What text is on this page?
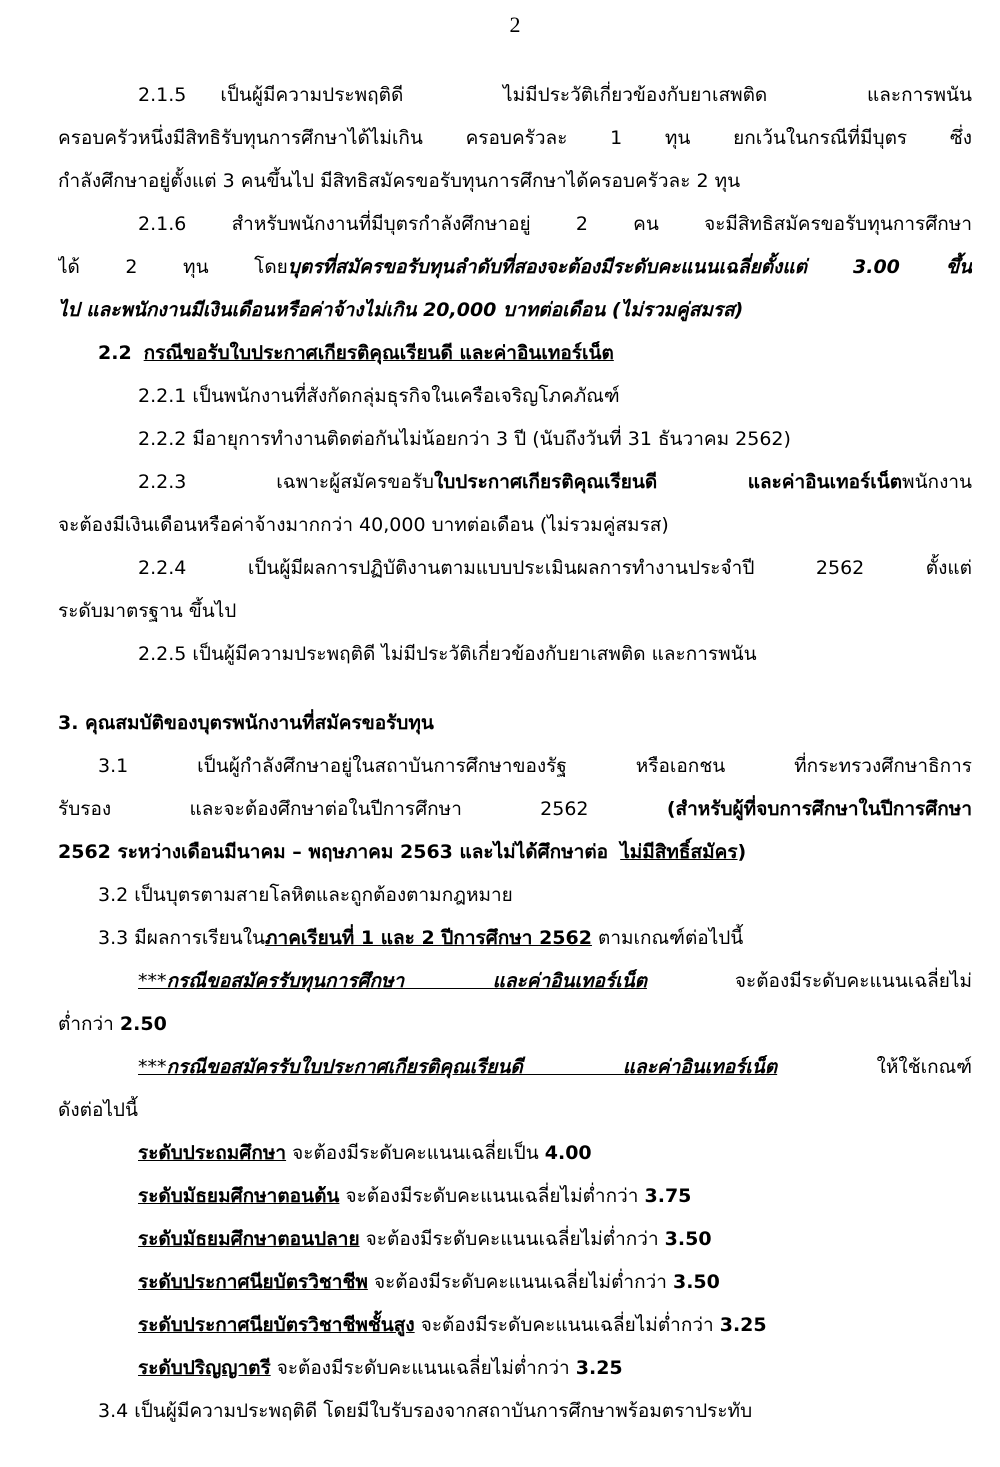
2
2.1.5 เป็นผู้มีความประพฤติดี ไม่มีประวัติเกี่ยวข้องกับยาเสพติด และการพนัน
ครอบครัวหนึ่งมีสิทธิรับทุนการศึกษาได้ไม่เกิน ครอบครัวละ 1 ทุน ยกเว้นในกรณีที่มีบุตร ซึ่ง
กำลังศึกษาอยู่ตั้งแต่ 3 คนขึ้นไป มีสิทธิสมัครขอรับทุนการศึกษาได้ครอบครัวละ 2 ทุน
2.1.6 สำหรับพนักงานที่มีบุตรกำลังศึกษาอยู่ 2 คน จะมีสิทธิสมัครขอรับทุนการศึกษา
ได้ 2 ทุน โดยบุตรที่สมัครขอรับทุนลำดับที่สองจะต้องมีระดับคะแนนเฉลี่ยตั้งแต่ 3.00 ขึ้น
ไป และพนักงานมีเงินเดือนหรือค่าจ้างไม่เกิน 20,000 บาทต่อเดือน (ไม่รวมคู่สมรส)
2.2 กรณีขอรับใบประกาศเกียรติคุณเรียนดี และค่าอินเทอร์เน็ต
2.2.1 เป็นพนักงานที่สังกัดกลุ่มธุรกิจในเครือเจริญโภคภัณฑ์
2.2.2 มีอายุการทำงานติดต่อกันไม่น้อยกว่า 3 ปี (นับถึงวันที่ 31 ธันวาคม 2562)
2.2.3 เฉพาะผู้สมัครขอรับใบประกาศเกียรติคุณเรียนดี และค่าอินเทอร์เน็ตพนักงาน
จะต้องมีเงินเดือนหรือค่าจ้างมากกว่า 40,000 บาทต่อเดือน (ไม่รวมคู่สมรส)
2.2.4 เป็นผู้มีผลการปฏิบัติงานตามแบบประเมินผลการทำงานประจำปี 2562 ตั้งแต่
ระดับมาตรฐาน ขึ้นไป
2.2.5 เป็นผู้มีความประพฤติดี ไม่มีประวัติเกี่ยวข้องกับยาเสพติด และการพนัน
3. คุณสมบัติของบุตรพนักงานที่สมัครขอรับทุน
3.1 เป็นผู้กำลังศึกษาอยู่ในสถาบันการศึกษาของรัฐ หรือเอกชน ที่กระทรวงศึกษาธิการ
รับรอง และจะต้องศึกษาต่อในปีการศึกษา 2562	(สำหรับผู้ที่จบการศึกษาในปีการศึกษา
2562 ระหว่างเดือนมีนาคม – พฤษภาคม 2563 และไม่ได้ศึกษาต่อ ไม่มีสิทธิ์สมัคร)
3.2 เป็นบุตรตามสายโลหิตและถูกต้องตามกฎหมาย
3.3 มีผลการเรียนในภาคเรียนที่ 1 และ 2 ปีการศึกษา 2562 ตามเกณฑ์ต่อไปนี้
***กรณีขอสมัครรับทุนการศึกษา และค่าอินเทอร์เน็ต	จะต้องมีระดับคะแนนเฉลี่ยไม่
ต่ำกว่า 2.50
***กรณีขอสมัครรับใบประกาศเกียรติคุณเรียนดี และค่าอินเทอร์เน็ต	ให้ใช้เกณฑ์
ดังต่อไปนี้
ระดับประถมศึกษา จะต้องมีระดับคะแนนเฉลี่ยเป็น 4.00
ระดับมัธยมศึกษาตอนต้น จะต้องมีระดับคะแนนเฉลี่ยไม่ต่ำกว่า 3.75
ระดับมัธยมศึกษาตอนปลาย จะต้องมีระดับคะแนนเฉลี่ยไม่ต่ำกว่า 3.50
ระดับประกาศนียบัตรวิชาชีพ จะต้องมีระดับคะแนนเฉลี่ยไม่ต่ำกว่า 3.50
ระดับประกาศนียบัตรวิชาชีพชั้นสูง จะต้องมีระดับคะแนนเฉลี่ยไม่ต่ำกว่า 3.25
ระดับปริญญาตรี จะต้องมีระดับคะแนนเฉลี่ยไม่ต่ำกว่า 3.25
3.4 เป็นผู้มีความประพฤติดี โดยมีใบรับรองจากสถาบันการศึกษาพร้อมตราประทับ
